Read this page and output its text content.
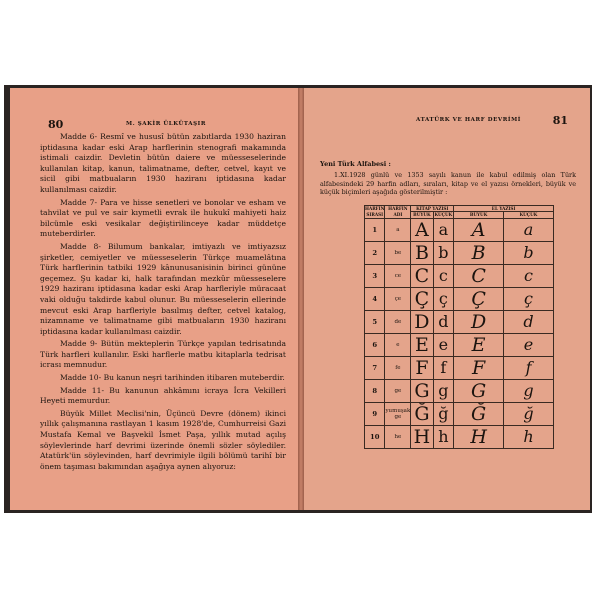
80	M. ŞAKİR ÜLKÜTAŞIR

Madde 6- Resmî ve hususî bütün zabıtlarda 1930 haziran iptidasına kadar eski Arap harflerinin stenografi makamında istimali caizdir. Devletin bütün daiere ve müesseselerinde kullanılan kitap, kanun, talimatname, defter, cetvel, kayıt ve sicil gibi matbuaların 1930 haziranı iptidasına kadar kullanılması caizdir.

Madde 7- Para ve hisse senetleri ve bonolar ve esham ve tahvilat ve pul ve sair kıymetli evrak ile hukukî mahiyeti haiz bilcümle eski vesikalar değiştirilinceye kadar müddetçe muteberdirler.

Madde 8- Bilumum bankalar, imtiyazlı ve imtiyazsız şirketler, cemiyetler ve müesseselerin Türkçe muamelâtına Türk harflerinin tatbiki 1929 kânunusanisinin birinci gününe geçemez. Şu kadar ki, halk tarafından mezkûr müesseselere 1929 haziranı iptidasına kadar eski Arap harfleriyle müracaat vaki olduğu takdirde kabul olunur. Bu müesseselerin ellerinde mevcut eski Arap harfleriyle basılmış defter, cetvel katalog, nizamname ve talimatname gibi matbuaların 1930 haziranı iptidasına kadar kullanılması caizdir.

Madde 9- Bütün mekteplerin Türkçe yapılan tedrisatında Türk harfleri kullanılır. Eski harflerle matbu kitaplarla tedrisat icrası memnudur.

Madde 10- Bu kanun neşri tarihinden itibaren muteberdir.

Madde 11- Bu kanunun ahkâmını icraya İcra Vekilleri Heyeti memurdur.

Büyük Millet Meclisi'nin, Üçüncü Devre (dönem) ikinci yıllık çalışmanına rastlayan 1 kasım 1928'de, Cumhurreisi Gazi Mustafa Kemal ve Başvekil İsmet Paşa, yıllık mutad açılış söylevlerinde harf devrimi üzerinde önemli sözler söylediler. Atatürk'ün söylevinden, harf devrimiyle ilgili bölümü tarihî bir önem taşıması bakımından aşağıya aynen alıyoruz:

ATATÜRK VE HARF DEVRİMİ	81
Yeni Türk Alfabesi :
1.XI.1928 günlü ve 1353 sayılı kanun ile kabul edilmiş olan Türk alfabesindeki 29 harfin adları, sıraları, kitap ve el yazısı örnekleri, büyük ve küçük biçimleri aşağıda gösterilmiştir :
HARFİN SIRASI	HARFİN ADI	KİTAP YAZISI		EL YAZISI	
		BÜYÜK	KÜÇÜK	BÜYÜK	KÜÇÜK
1	a	A	a	A	a
2	be	B	b	B	b
3	ce	C	c	C	c
4	çe	Ç	ç	Ç	ç
5	de	D	d	D	d
6	e	E	e	E	e
7	fe	F	f	F	f
8	ge	G	g	G	g
9	yumuşak ge	Ğ	ğ	Ğ	ğ
10	he	H	h	H	h
